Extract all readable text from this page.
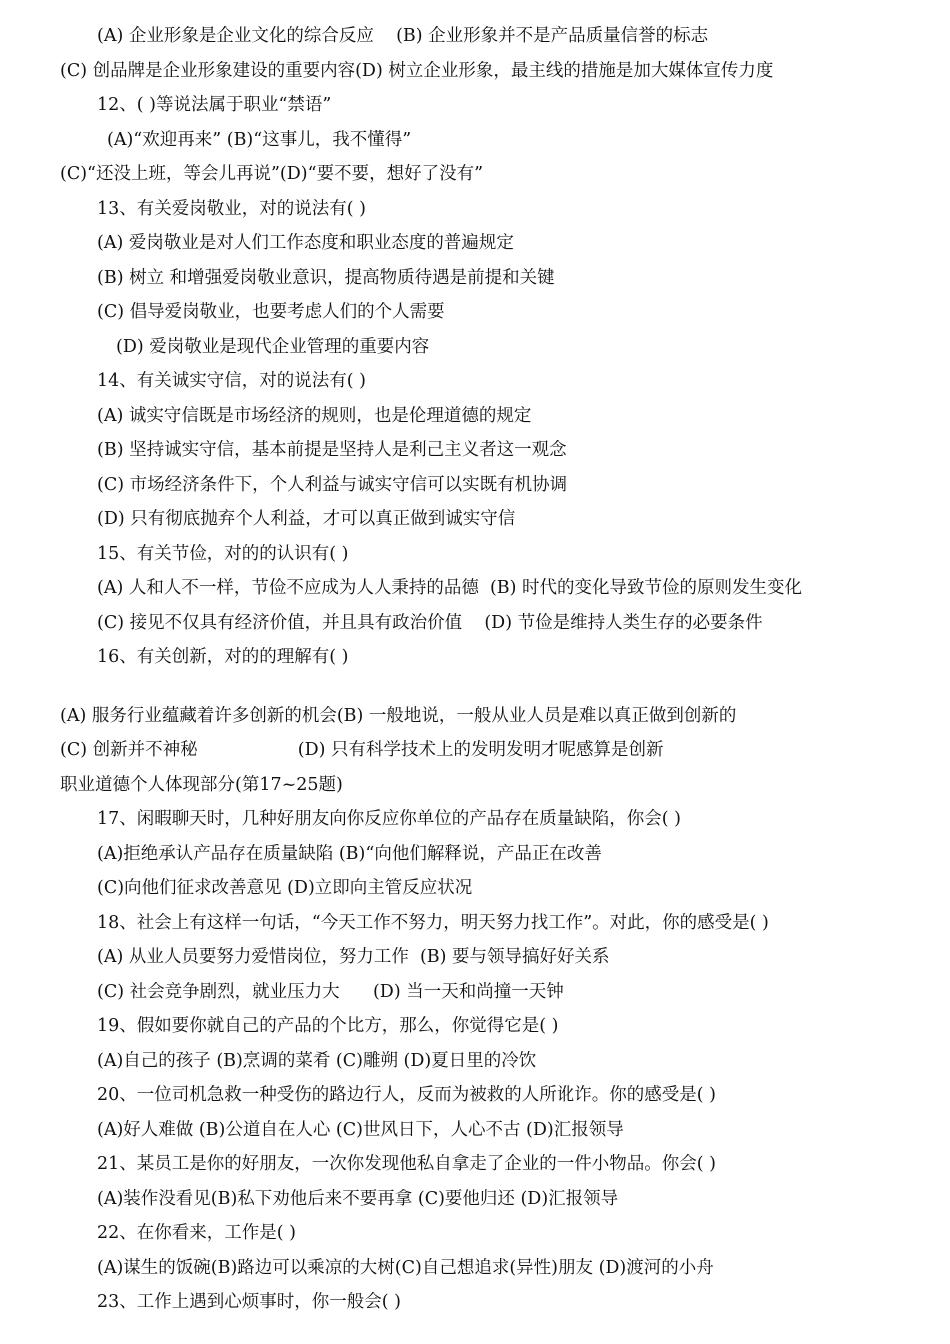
(A) 企业形象是企业文化的综合反应    (B) 企业形象并不是产品质量信誉的标志
(C) 创品牌是企业形象建设的重要内容(D) 树立企业形象，最主线的措施是加大媒体宣传力度
12、( )等说法属于职业“禁语”
(A)“欢迎再来” (B)“这事儿，我不懂得”
(C)“还没上班，等会儿再说”(D)“要不要，想好了没有”
13、有关爱岗敬业，对的说法有( )
(A) 爱岗敬业是对人们工作态度和职业态度的普遍规定
(B) 树立 和增强爱岗敬业意识，提高物质待遇是前提和关键
(C) 倡导爱岗敬业，也要考虑人们的个人需要
(D) 爱岗敬业是现代企业管理的重要内容
14、有关诚实守信，对的说法有( )
(A) 诚实守信既是市场经济的规则，也是伦理道德的规定
(B) 坚持诚实守信，基本前提是坚持人是利己主义者这一观念
(C) 市场经济条件下，个人利益与诚实守信可以实既有机协调
(D) 只有彻底抛弃个人利益，才可以真正做到诚实守信
15、有关节俭，对的的认识有( )
(A) 人和人不一样，节俭不应成为人人秉持的品德  (B) 时代的变化导致节俭的原则发生变化
(C) 接见不仅具有经济价值，并且具有政治价值    (D) 节俭是维持人类生存的必要条件
16、有关创新，对的的理解有( )
(A) 服务行业蕴藏着许多创新的机会(B) 一般地说，一般从业人员是难以真正做到创新的
(C) 创新并不神秘                  (D) 只有科学技术上的发明发明才呢感算是创新
职业道德个人体现部分(第17~25题)
17、闲暇聊天时，几种好朋友向你反应你单位的产品存在质量缺陷，你会( )
(A)拒绝承认产品存在质量缺陷 (B)“向他们解释说，产品正在改善
(C)向他们征求改善意见 (D)立即向主管反应状况
18、社会上有这样一句话，“今天工作不努力，明天努力找工作”。对此，你的感受是( )
(A) 从业人员要努力爱惜岗位，努力工作  (B) 要与领导搞好好关系
(C) 社会竞争剧烈，就业压力大      (D) 当一天和尚撞一天钟
19、假如要你就自己的产品的个比方，那么，你觉得它是( )
(A)自己的孩子 (B)烹调的菜肴 (C)雕朔 (D)夏日里的冷饮
20、一位司机急救一种受伤的路边行人，反而为被救的人所讹诈。你的感受是( )
(A)好人难做 (B)公道自在人心 (C)世风日下，人心不古 (D)汇报领导
21、某员工是你的好朋友，一次你发现他私自拿走了企业的一件小物品。你会( )
(A)装作没看见(B)私下劝他后来不要再拿 (C)要他归还 (D)汇报领导
22、在你看来，工作是( )
(A)谋生的饭碗(B)路边可以乘凉的大树(C)自己想追求(异性)朋友 (D)渡河的小舟
23、工作上遇到心烦事时，你一般会( )
